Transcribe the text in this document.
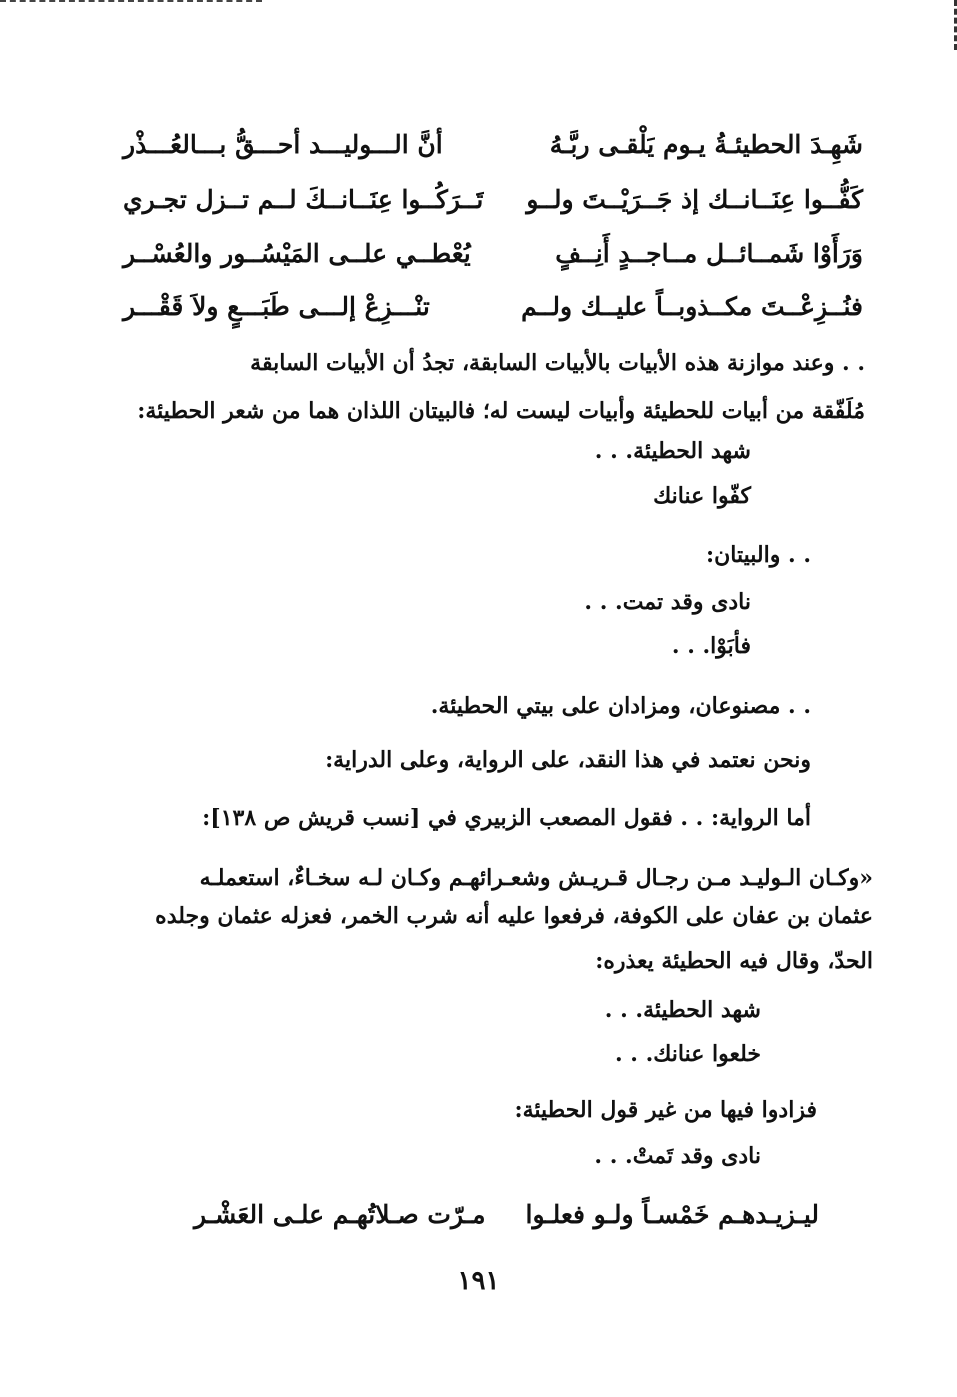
شَهِـدَ الحطيئـةُ يـوم يَلْقـى ربَّـهُ
أنَّ الـــوليـــد أحـــقُّ بـــالعُـــذْر
كَفُّــوا عِنَــانــك إذ جَــرَيْــتَ ولــو
تَــرَكُــوا عِنَــانــكَ لــم تــزل تجـري
وَرَأَوْا شَمــائــل مــاجــدٍ أَنِــفٍ
يُعْطــي علــى المَيْسُــور والعُسْــر
فنُــزِعْــتَ مكــذوبــاً عليــك ولــم
تنْـــزِعْ إلـــى طَبَـــعٍ ولاَ قَقْـــر
. . وعند موازنة هذه الأبيات بالأبيات السابقة، تجدُ أن الأبيات السابقة
مُلَفّقة من أبيات للحطيئة وأبيات ليست له؛ فالبيتان اللذان هما من شعر الحطيئة:
شهد الحطيئة. . .
كفّوا عنانك
. . والبيتان:
نادى وقد تمت. . .
فأبَوْا. . .
. . مصنوعان، ومزادان على بيتي الحطيئة.
ونحن نعتمد في هذا النقد، على الرواية، وعلى الدراية:
أما الرواية: . . فقول المصعب الزبيري في [نسب قريش ص ١٣٨]:
«وكـان الـوليـد مـن رجـال قـريـش وشعـرائهـم وكـان لـه سخـاءٌ، استعملـه
عثمان بن عفان على الكوفة، فرفعوا عليه أنه شرب الخمر، فعزله عثمان وجلده
الحدّ، وقال فيه الحطيئة يعذره:
شهد الحطيئة. . .
خلعوا عنانك. . .
فزادوا فيها من غير قول الحطيئة:
نادى وقد تَمتْ. . .
ليـزيـدهـم خَمْسـاً ولـو فعلـوا
مـرّت صـلاتُهـم علـى العَشْـر
١٩١
